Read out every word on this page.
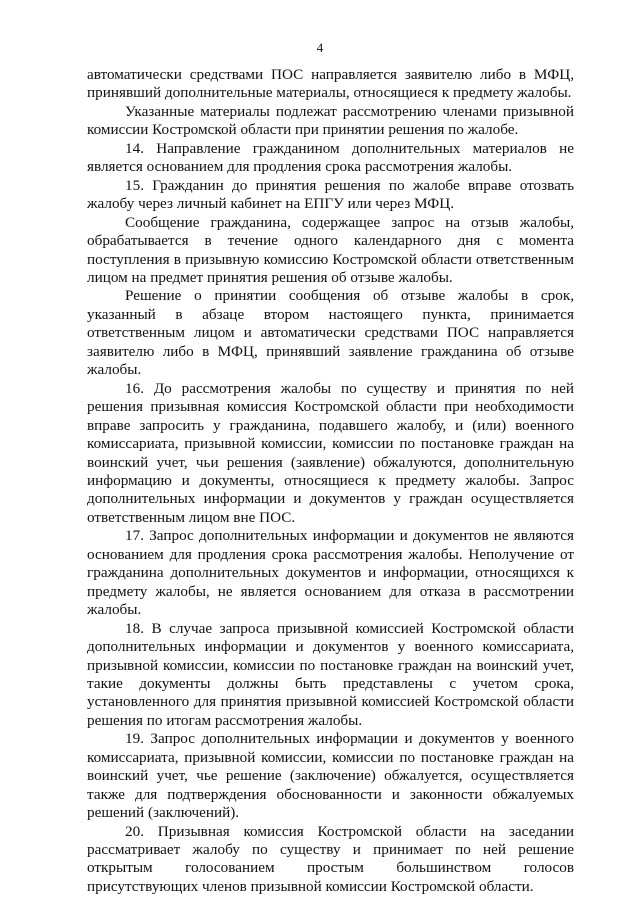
4

автоматически средствами ПОС направляется заявителю либо в МФЦ, принявший дополнительные материалы, относящиеся к предмету жалобы.

Указанные материалы подлежат рассмотрению членами призывной комиссии Костромской области при принятии решения по жалобе.

14. Направление гражданином дополнительных материалов не является основанием для продления срока рассмотрения жалобы.

15. Гражданин до принятия решения по жалобе вправе отозвать жалобу через личный кабинет на ЕПГУ или через МФЦ.

Сообщение гражданина, содержащее запрос на отзыв жалобы, обрабатывается в течение одного календарного дня с момента поступления в призывную комиссию Костромской области ответственным лицом на предмет принятия решения об отзыве жалобы.

Решение о принятии сообщения об отзыве жалобы в срок, указанный в абзаце втором настоящего пункта, принимается ответственным лицом и автоматически средствами ПОС направляется заявителю либо в МФЦ, принявший заявление гражданина об отзыве жалобы.

16. До рассмотрения жалобы по существу и принятия по ней решения призывная комиссия Костромской области при необходимости вправе запросить у гражданина, подавшего жалобу, и (или) военного комиссариата, призывной комиссии, комиссии по постановке граждан на воинский учет, чьи решения (заявление) обжалуются, дополнительную информацию и документы, относящиеся к предмету жалобы. Запрос дополнительных информации и документов у граждан осуществляется ответственным лицом вне ПОС.

17. Запрос дополнительных информации и документов не являются основанием для продления срока рассмотрения жалобы. Неполучение от гражданина дополнительных документов и информации, относящихся к предмету жалобы, не является основанием для отказа в рассмотрении жалобы.

18. В случае запроса призывной комиссией Костромской области дополнительных информации и документов у военного комиссариата, призывной комиссии, комиссии по постановке граждан на воинский учет, такие документы должны быть представлены с учетом срока, установленного для принятия призывной комиссией Костромской области решения по итогам рассмотрения жалобы.

19. Запрос дополнительных информации и документов у военного комиссариата, призывной комиссии, комиссии по постановке граждан на воинский учет, чье решение (заключение) обжалуется, осуществляется также для подтверждения обоснованности и законности обжалуемых решений (заключений).

20. Призывная комиссия Костромской области на заседании рассматривает жалобу по существу и принимает по ней решение открытым голосованием простым большинством голосов присутствующих членов призывной комиссии Костромской области.
